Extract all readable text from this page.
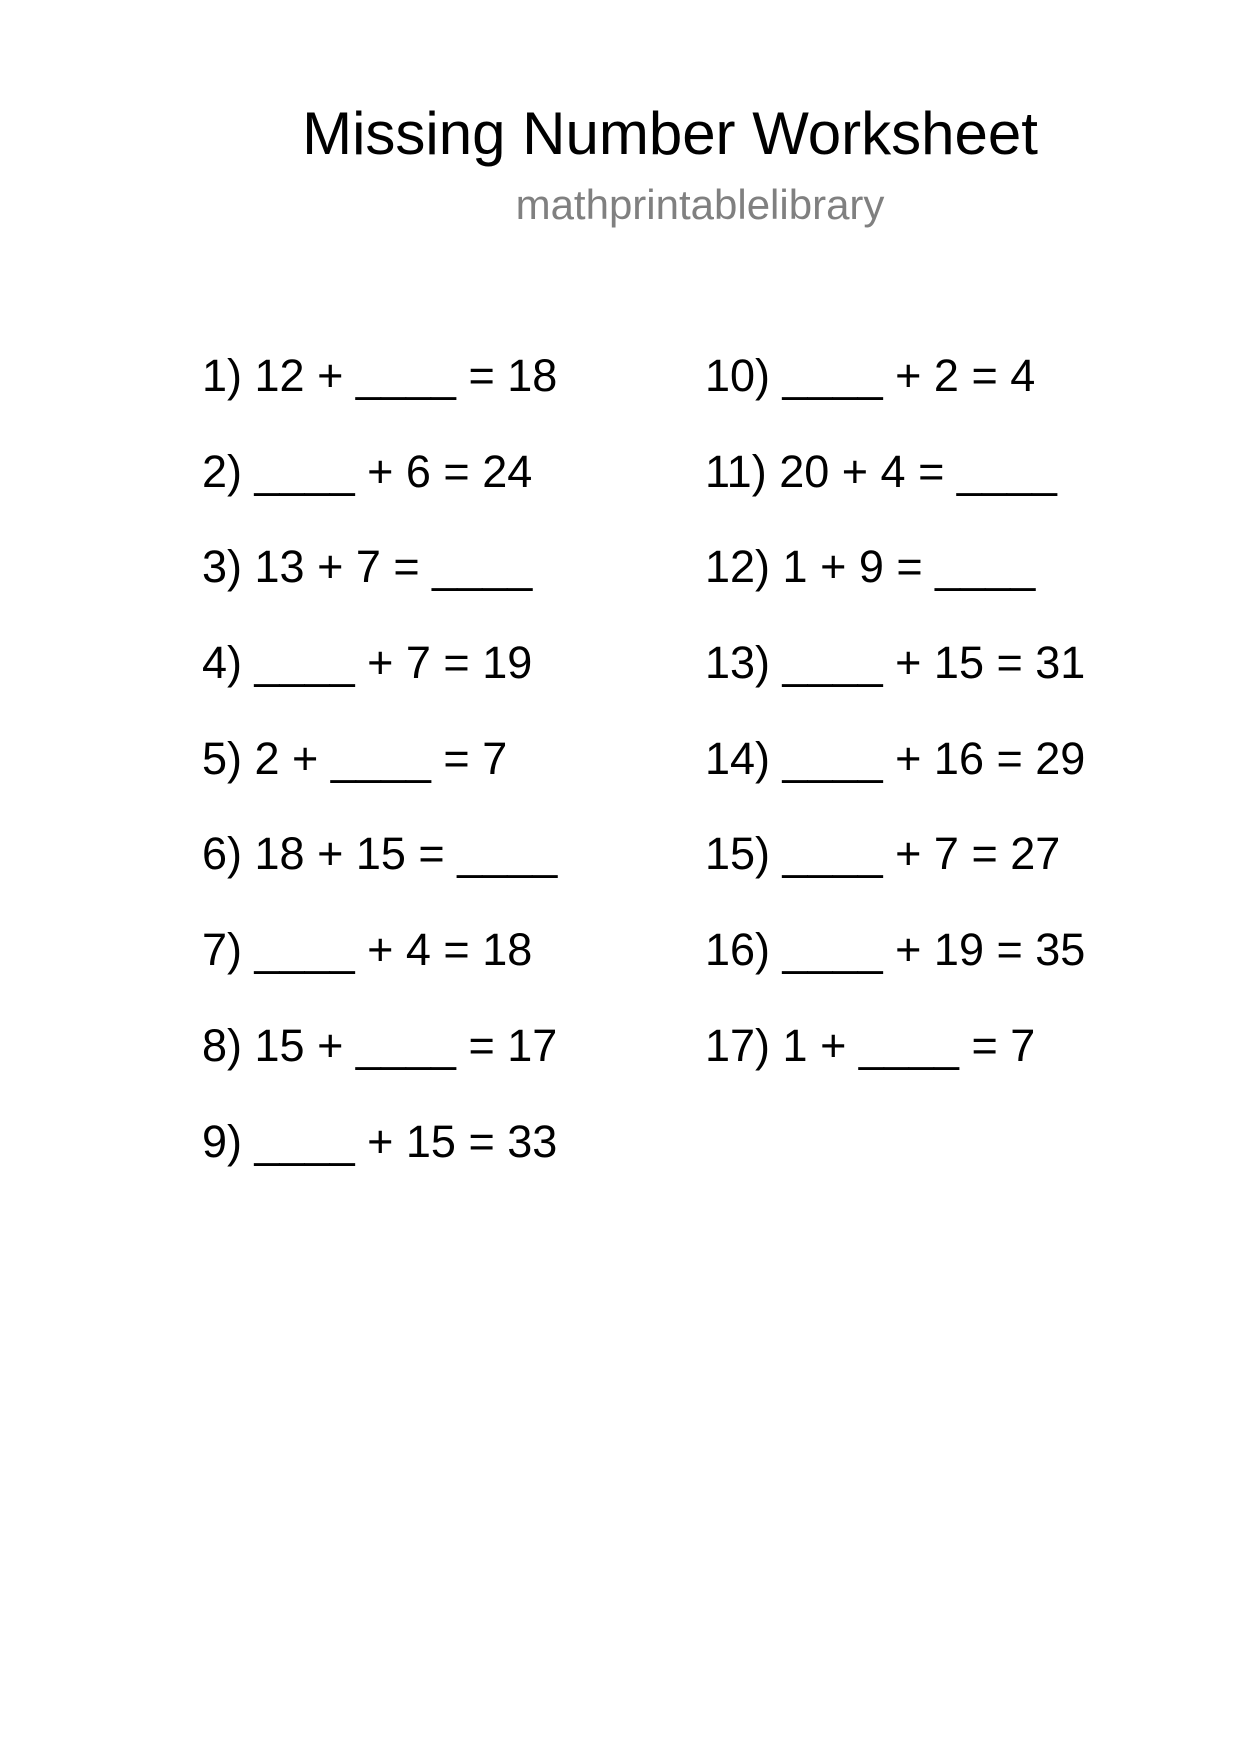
Missing Number Worksheet
mathprintablelibrary
1) 12 + ____ = 18
2) ____ + 6 = 24
3) 13 + 7 = ____
4) ____ + 7 = 19
5) 2 + ____ = 7
6) 18 + 15 = ____
7) ____ + 4 = 18
8) 15 + ____ = 17
9) ____ + 15 = 33
10) ____ + 2 = 4
11) 20 + 4 = ____
12) 1 + 9 = ____
13) ____ + 15 = 31
14) ____ + 16 = 29
15) ____ + 7 = 27
16) ____ + 19 = 35
17) 1 + ____ = 7
